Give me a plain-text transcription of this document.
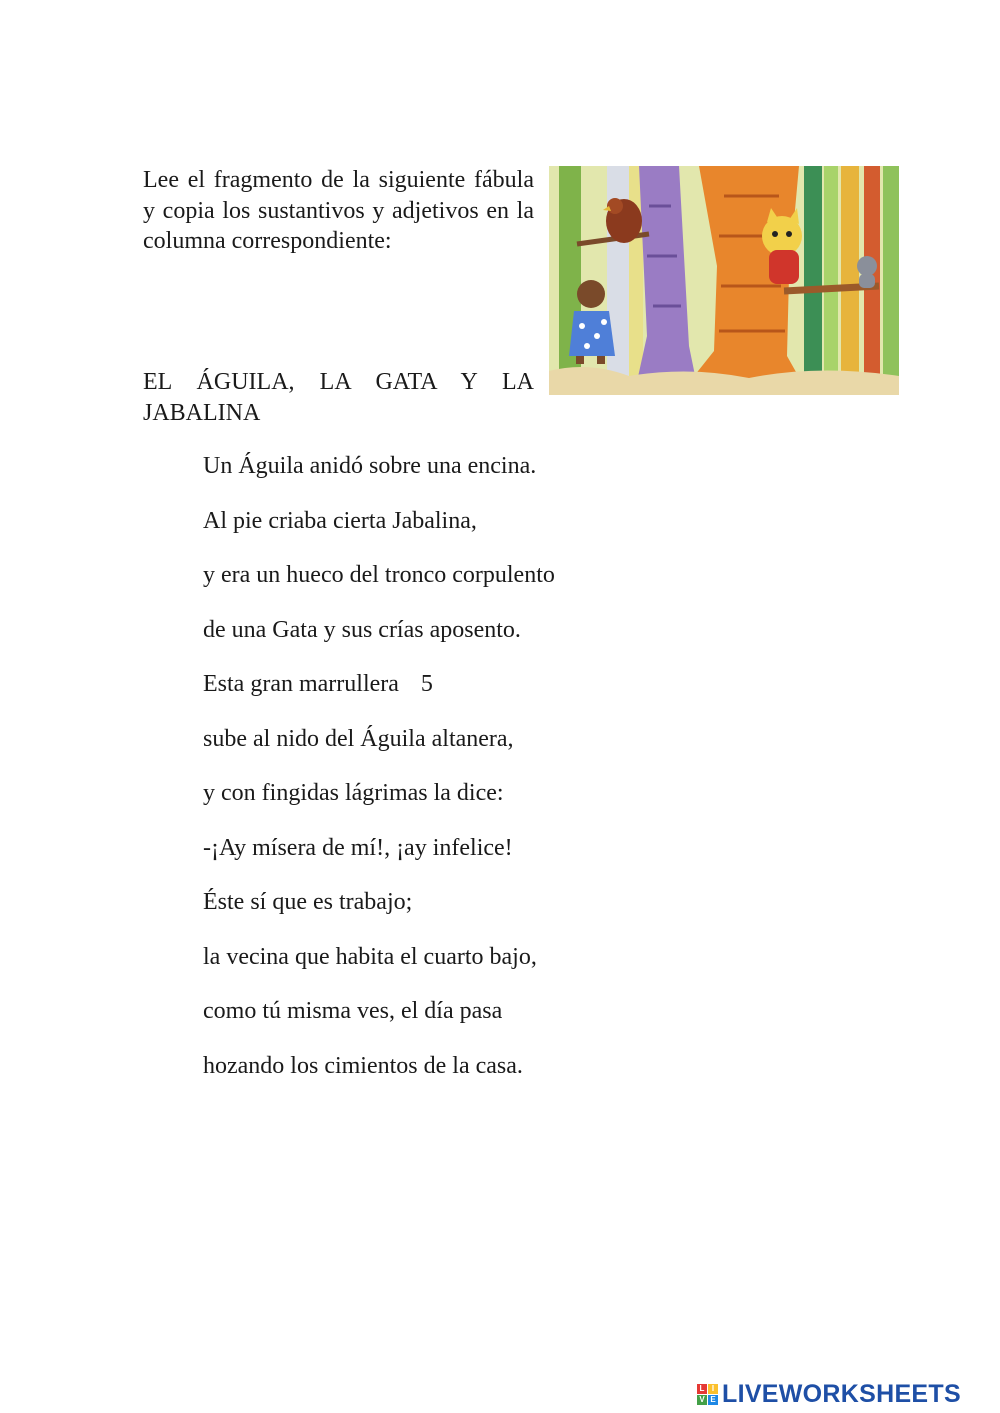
Lee el fragmento de la siguiente fábula y copia los sustantivos y adjetivos en la columna correspondiente:
EL ÁGUILA, LA GATA Y LA JABALINA
Un Águila anidó sobre una encina.
Al pie criaba cierta Jabalina,
y era un hueco del tronco corpulento
de una Gata y sus crías aposento.
Esta gran marrullera 5
sube al nido del Águila altanera,
y con fingidas lágrimas la dice:
-¡Ay mísera de mí!, ¡ay infelice!
Éste sí que es trabajo;
la vecina que habita el cuarto bajo,
como tú misma ves, el día pasa
hozando los cimientos de la casa.
L I
V E LIVEWORKSHEETS
